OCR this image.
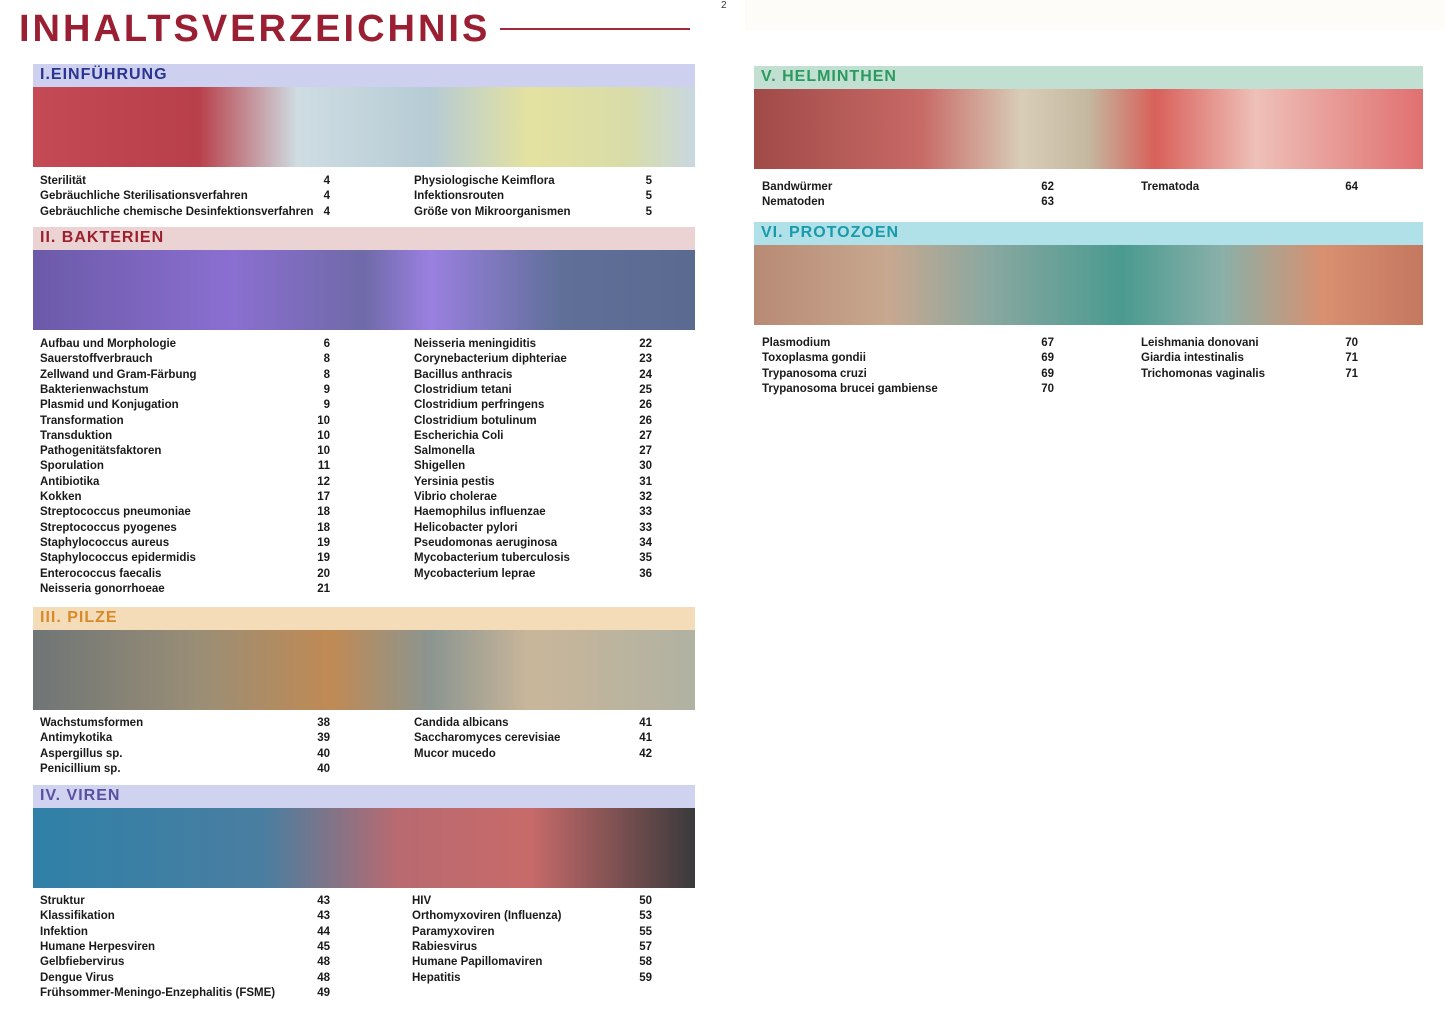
INHALTSVERZEICHNIS
2
I.EINFÜHRUNG
Sterilität	4
Gebräuchliche Sterilisationsverfahren	4
Gebräuchliche chemische Desinfektionsverfahren 4
Physiologische Keimflora	5
Infektionsrouten	5
Größe von Mikroorganismen	5
II. BAKTERIEN
Aufbau und Morphologie	6
Sauerstoffverbrauch	8
Zellwand und Gram-Färbung	8
Bakterienwachstum	9
Plasmid und Konjugation	9
Transformation	10
Transduktion	10
Pathogenitätsfaktoren	10
Sporulation	11
Antibiotika	12
Kokken	17
Streptococcus pneumoniae	18
Streptococcus pyogenes	18
Staphylococcus aureus	19
Staphylococcus epidermidis	19
Enterococcus faecalis	20
Neisseria gonorrhoeae	21
Neisseria meningiditis	22
Corynebacterium diphteriae	23
Bacillus anthracis	24
Clostridium tetani	25
Clostridium perfringens	26
Clostridium botulinum	26
Escherichia Coli	27
Salmonella	27
Shigellen	30
Yersinia pestis	31
Vibrio cholerae	32
Haemophilus influenzae	33
Helicobacter pylori	33
Pseudomonas aeruginosa	34
Mycobacterium tuberculosis	35
Mycobacterium leprae	36
III. PILZE
Wachstumsformen	38
Antimykotika	39
Aspergillus sp.	40
Penicillium sp.	40
Candida albicans	41
Saccharomyces cerevisiae	41
Mucor mucedo	42
IV. VIREN
Struktur	43
Klassifikation	43
Infektion	44
Humane Herpesviren	45
Gelbfiebervirus	48
Dengue Virus	48
Frühsommer-Meningo-Enzephalitis (FSME)	49
HIV	50
Orthomyxoviren (Influenza)	53
Paramyxoviren	55
Rabiesvirus	57
Humane Papillomaviren	58
Hepatitis	59
V. HELMINTHEN
Bandwürmer	62
Nematoden	63
Trematoda	64
VI. PROTOZOEN
Plasmodium	67
Toxoplasma gondii	69
Trypanosoma cruzi	69
Trypanosoma brucei gambiense	70
Leishmania donovani	70
Giardia intestinalis	71
Trichomonas vaginalis	71
